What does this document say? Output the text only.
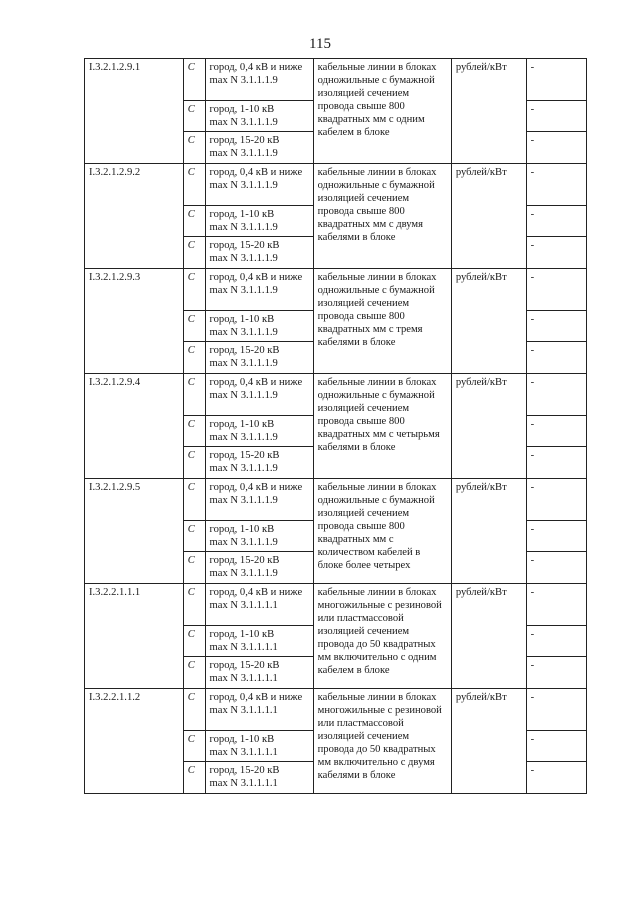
115
I.3.2.1.2.9.1	С	город, 0,4 кВ и ниже
max N 3.1.1.1.9	кабельные линии в блоках одножильные с бумажной изоляцией сечением провода свыше 800 квадратных мм с одним кабелем в блоке	рублей/кВт	-
	С	город, 1-10 кВ
max N 3.1.1.1.9			-
	С	город, 15-20 кВ
max N 3.1.1.1.9			-
I.3.2.1.2.9.2	С	город, 0,4 кВ и ниже
max N 3.1.1.1.9	кабельные линии в блоках одножильные с бумажной изоляцией сечением провода свыше 800 квадратных мм с двумя кабелями в блоке	рублей/кВт	-
	С	город, 1-10 кВ
max N 3.1.1.1.9			-
	С	город, 15-20 кВ
max N 3.1.1.1.9			-
I.3.2.1.2.9.3	С	город, 0,4 кВ и ниже
max N 3.1.1.1.9	кабельные линии в блоках одножильные с бумажной изоляцией сечением провода свыше 800 квадратных мм с тремя кабелями в блоке	рублей/кВт	-
	С	город, 1-10 кВ
max N 3.1.1.1.9			-
	С	город, 15-20 кВ
max N 3.1.1.1.9			-
I.3.2.1.2.9.4	С	город, 0,4 кВ и ниже
max N 3.1.1.1.9	кабельные линии в блоках одножильные с бумажной изоляцией сечением провода свыше 800 квадратных мм с четырьмя кабелями в блоке	рублей/кВт	-
	С	город, 1-10 кВ
max N 3.1.1.1.9			-
	С	город, 15-20 кВ
max N 3.1.1.1.9			-
I.3.2.1.2.9.5	С	город, 0,4 кВ и ниже
max N 3.1.1.1.9	кабельные линии в блоках одножильные с бумажной изоляцией сечением провода свыше 800 квадратных мм с количеством кабелей в блоке более четырех	рублей/кВт	-
	С	город, 1-10 кВ
max N 3.1.1.1.9			-
	С	город, 15-20 кВ
max N 3.1.1.1.9			-
I.3.2.2.1.1.1	С	город, 0,4 кВ и ниже
max N 3.1.1.1.1	кабельные линии в блоках многожильные с резиновой или пластмассовой изоляцией сечением провода до 50 квадратных мм включительно с одним кабелем в блоке	рублей/кВт	-
	С	город, 1-10 кВ
max N 3.1.1.1.1			-
	С	город, 15-20 кВ
max N 3.1.1.1.1			-
I.3.2.2.1.1.2	С	город, 0,4 кВ и ниже
max N 3.1.1.1.1	кабельные линии в блоках многожильные с резиновой или пластмассовой изоляцией сечением провода до 50 квадратных мм включительно с двумя кабелями в блоке	рублей/кВт	-
	С	город, 1-10 кВ
max N 3.1.1.1.1			-
	С	город, 15-20 кВ
max N 3.1.1.1.1			-
